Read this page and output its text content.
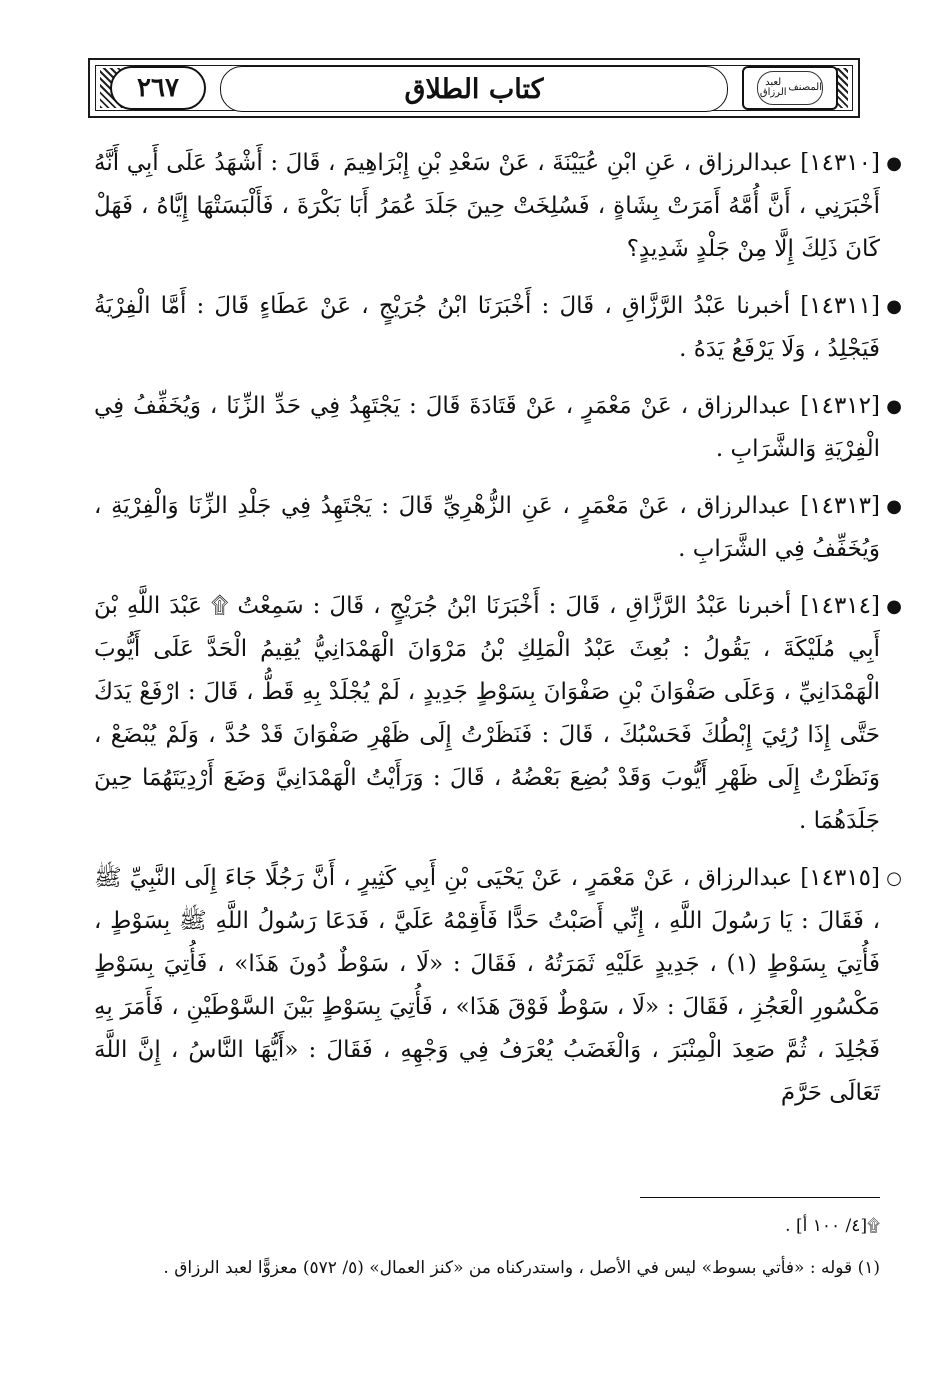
٢٦٧	كتاب الطلاق	المصنف
لعبد الرزاق

●
[١٤٣١٠] عبدالرزاق ، عَنِ ابْنِ عُيَيْنَةَ ، عَنْ سَعْدِ بْنِ إِبْرَاهِيمَ ، قَالَ : أَشْهَدُ عَلَى أَبِي أَنَّهُ أَخْبَرَنِي ، أَنَّ أُمَّهُ أَمَرَتْ بِشَاةٍ ، فَسُلِخَتْ حِينَ جَلَدَ عُمَرُ أَبَا بَكْرَةَ ، فَأَلْبَسَتْهَا إِيَّاهُ ، فَهَلْ كَانَ ذَلِكَ إِلَّا مِنْ جَلْدٍ شَدِيدٍ؟

●
[١٤٣١١] أخبرنا عَبْدُ الرَّزَّاقِ ، قَالَ : أَخْبَرَنَا ابْنُ جُرَيْجٍ ، عَنْ عَطَاءٍ قَالَ : أَمَّا الْفِرْيَةُ فَيَجْلِدُ ، وَلَا يَرْفَعُ يَدَهُ .

●
[١٤٣١٢] عبدالرزاق ، عَنْ مَعْمَرٍ ، عَنْ قَتَادَةَ قَالَ : يَجْتَهِدُ فِي حَدِّ الزِّنَا ، وَيُخَفِّفُ فِي الْفِرْيَةِ وَالشَّرَابِ .

●
[١٤٣١٣] عبدالرزاق ، عَنْ مَعْمَرٍ ، عَنِ الزُّهْرِيِّ قَالَ : يَجْتَهِدُ فِي جَلْدِ الزِّنَا وَالْفِرْيَةِ ، وَيُخَفِّفُ فِي الشَّرَابِ .

●
[١٤٣١٤] أخبرنا عَبْدُ الرَّزَّاقِ ، قَالَ : أَخْبَرَنَا ابْنُ جُرَيْجٍ ، قَالَ : سَمِعْتُ ۩ عَبْدَ اللَّهِ بْنَ أَبِي مُلَيْكَةَ ، يَقُولُ : بُعِثَ عَبْدُ الْمَلِكِ بْنُ مَرْوَانَ الْهَمْدَانِيُّ يُقِيمُ الْحَدَّ عَلَى أَيُّوبَ الْهَمْدَانِيِّ ، وَعَلَى صَفْوَانَ بْنِ صَفْوَانَ بِسَوْطٍ جَدِيدٍ ، لَمْ يُجْلَدْ بِهِ قَطُّ ، قَالَ : ارْفَعْ يَدَكَ حَتَّى إِذَا رُئِيَ إِبْطُكَ فَحَسْبُكَ ، قَالَ : فَنَظَرْتُ إِلَى ظَهْرِ صَفْوَانَ قَدْ حُدَّ ، وَلَمْ يُبْضَعْ ، وَنَظَرْتُ إِلَى ظَهْرِ أَيُّوبَ وَقَدْ بُضِعَ بَعْضُهُ ، قَالَ : وَرَأَيْتُ الْهَمْدَانِيَّ وَضَعَ أَرْدِيَتَهُمَا حِينَ جَلَدَهُمَا .

○
[١٤٣١٥] عبدالرزاق ، عَنْ مَعْمَرٍ ، عَنْ يَحْيَى بْنِ أَبِي كَثِيرٍ ، أَنَّ رَجُلًا جَاءَ إِلَى النَّبِيِّ ﷺ ، فَقَالَ : يَا رَسُولَ اللَّهِ ، إِنِّي أَصَبْتُ حَدًّا فَأَقِمْهُ عَلَيَّ ، فَدَعَا رَسُولُ اللَّهِ ﷺ بِسَوْطٍ ، فَأُتِيَ بِسَوْطٍ (١) ، جَدِيدٍ عَلَيْهِ ثَمَرَتُهُ ، فَقَالَ : «لَا ، سَوْطٌ دُونَ هَذَا» ، فَأُتِيَ بِسَوْطٍ مَكْسُورِ الْعَجُزِ ، فَقَالَ : «لَا ، سَوْطٌ فَوْقَ هَذَا» ، فَأُتِيَ بِسَوْطٍ بَيْنَ السَّوْطَيْنِ ، فَأَمَرَ بِهِ فَجُلِدَ ، ثُمَّ صَعِدَ الْمِنْبَرَ ، وَالْغَضَبُ يُعْرَفُ فِي وَجْهِهِ ، فَقَالَ : «أَيُّهَا النَّاسُ ، إِنَّ اللَّهَ تَعَالَى حَرَّمَ

۩[٤/ ١٠٠ أ] .
(١) قوله : «فأتي بسوط» ليس في الأصل ، واستدركناه من «كنز العمال» (٥/ ٥٧٢) معزوًّا لعبد الرزاق .
